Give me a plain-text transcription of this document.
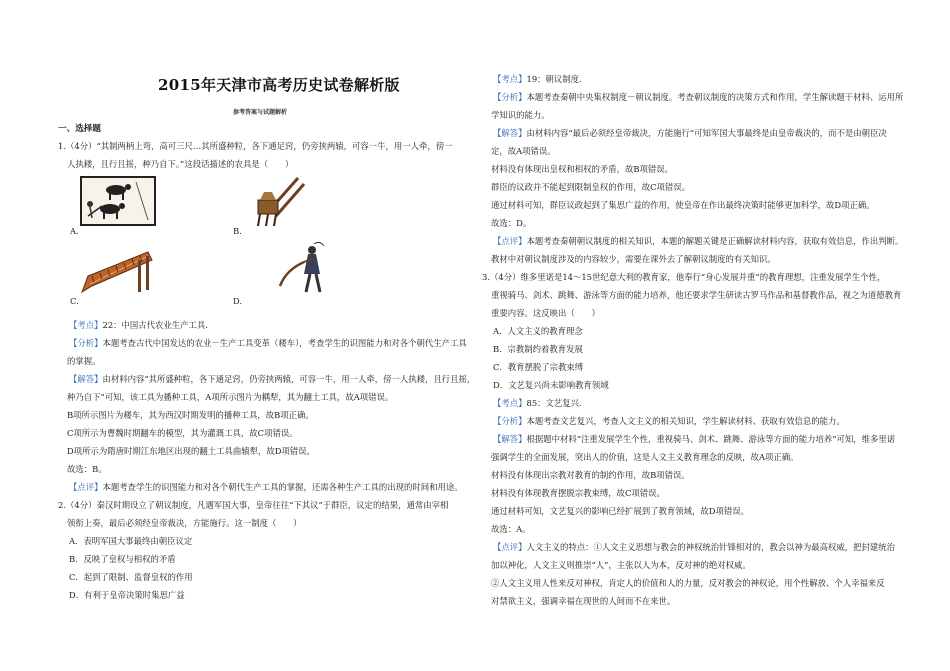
2015年天津市高考历史试卷解析版
参考答案与试题解析
一、选择题
1.（4分）“其制两柄上弯，高可三尺…其所盛种粒，各下通足窍，仍旁挟两辕，可容一牛，用一人牵，傍一
人执耧，且行且摇，种乃自下。”这段话描述的农具是（　　）
A.	B.
C.	D.
【考点】22：中国古代农业生产工具.
【分析】本题考查古代中国发达的农业－生产工具变革（耧车），考查学生的识图能力和对各个朝代生产工具
的掌握。
【解答】由材料内容“其所盛种粒，各下通足窍，仍旁挟两辕，可容一牛，用一人牵，傍一人执耧，且行且摇，
种乃自下”可知，该工具为播种工具，A项所示图片为耦犁，其为翻土工具，故A项错误。
B项所示图片为耧车，其为西汉时期发明的播种工具，故B项正确。
C项所示为曹魏时期翻车的模型，其为灌溉工具，故C项错误。
D项所示为隋唐时期江东地区出现的翻土工具曲辕犁，故D项错误。
故选：B。
【点评】本题考查学生的识图能力和对各个朝代生产工具的掌握，还需各种生产工具的出现的时间和用途。
2.（4分）秦汉时期设立了朝议制度，凡遇军国大事，皇帝往往“下其议”于群臣，议定的结果，通常由宰相
领衔上奏，最后必须经皇帝裁决，方能施行。这一制度（　　）
A．表明军国大事最终由朝臣议定
B．反映了皇权与相权的矛盾
C．起到了限制、监督皇权的作用
D．有利于皇帝决策时集思广益
【考点】19：朝议制度.
【分析】本题考查秦朝中央集权制度－朝议制度。考查朝议制度的决策方式和作用，学生解读题干材料、运用所
学知识的能力。
【解答】由材料内容“最后必须经皇帝裁决，方能施行”可知军国大事最终是由皇帝裁决的，而不是由朝臣决
定，故A项错误。
材料没有体现出皇权和相权的矛盾，故B项错误。
群臣的议政并不能起到限制皇权的作用，故C项错误。
通过材料可知，群臣议政起到了集思广益的作用，使皇帝在作出最终决策时能够更加科学，故D项正确。
故选：D。
【点评】本题考查秦朝朝议制度的相关知识，本题的解题关键是正确解读材料内容，获取有效信息，作出判断。
教材中对朝议制度涉及的内容较少，需要在课外去了解朝议制度的有关知识。
3.（4分）维多里诺是14～15世纪意大利的教育家，他奉行“身心发展并重”的教育理想，注重发展学生个性，
重视骑马、剑术、跳舞、游泳等方面的能力培养，他还要求学生研读古罗马作品和基督教作品，视之为道德教育
重要内容。这反映出（　　）
A．人文主义的教育理念
B．宗教制约着教育发展
C．教育摆脱了宗教束缚
D．文艺复兴尚未影响教育领域
【考点】85：文艺复兴.
【分析】本题考查文艺复兴，考查人文主义的相关知识，学生解读材料、获取有效信息的能力。
【解答】根据题中材料“注重发展学生个性，重视骑马、剑术、跳舞、游泳等方面的能力培养”可知，维多里诺
强调学生的全面发展，突出人的价值，这是人文主义教育理念的反映，故A项正确。
材料没有体现出宗教对教育的制约作用，故B项错误。
材料没有体现教育摆脱宗教束缚，故C项错误。
通过材料可知，文艺复兴的影响已经扩展到了教育领域，故D项错误。
故选：A。
【点评】人文主义的特点：①人文主义思想与教会的神权统治针锋相对的，教会以神为最高权威，把封建统治
加以神化，人文主义则推崇“人”，主张以人为本，反对神的绝对权威。
②人文主义用人性来反对神权，肯定人的价值和人的力量，反对教会的神权论，用个性解放、个人幸福来反
对禁欲主义，强调幸福在现世的人间而不在来世。
